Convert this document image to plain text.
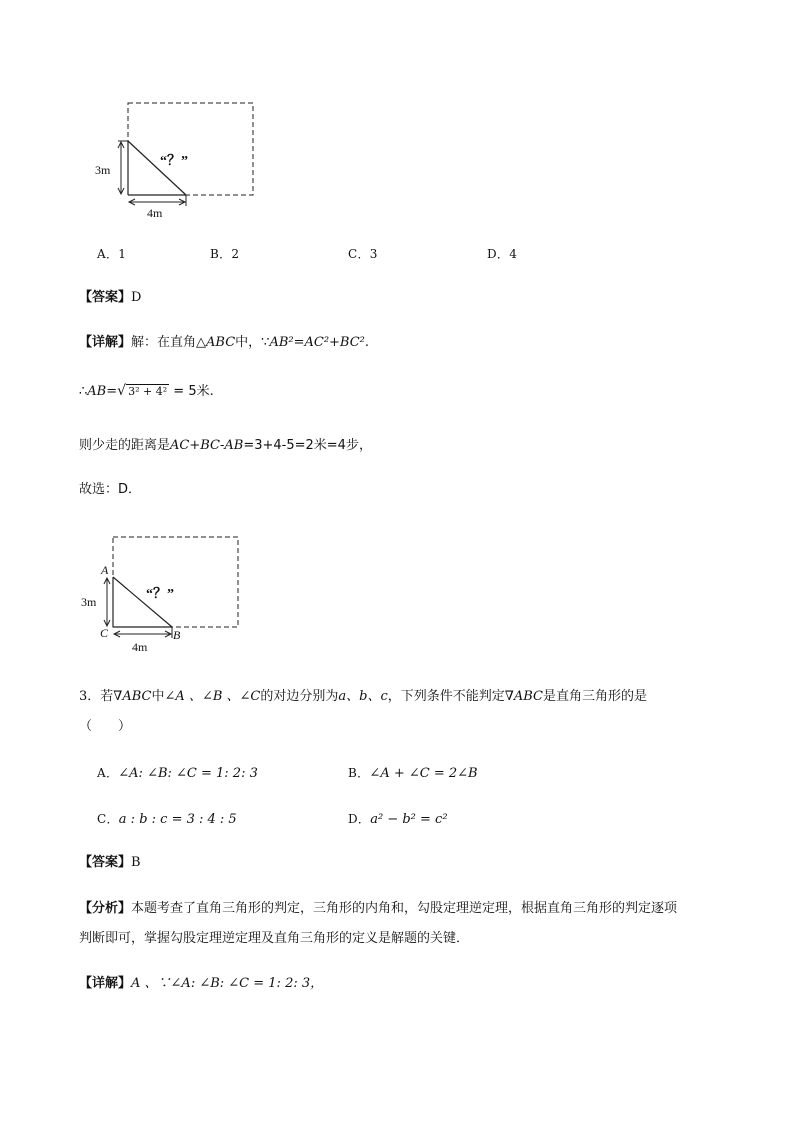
3m
4m
“？”
A．1	B．2	C．3	D．4
【答案】D
【详解】解：在直角△ABC中，∵AB²=AC²+BC².
∴AB= √ 3² + 4² = 5米.
则少走的距离是AC+BC-AB=3+4-5=2米=4步，
故选：D．
A
C	B
3m
4m
“？”
3．若∇ABC中∠A 、∠B 、∠C的对边分别为a、b、c，下列条件不能判定∇ABC是直角三角形的是
（　　）
A．∠A: ∠B: ∠C = 1: 2: 3	B．∠A + ∠C = 2∠B
C．a : b : c = 3 : 4 : 5	D．a² − b² = c²
【答案】B
【分析】本题考查了直角三角形的判定，三角形的内角和，勾股定理逆定理，根据直角三角形的判定逐项
判断即可，掌握勾股定理逆定理及直角三角形的定义是解题的关键．
【详解】A 、∵∠A: ∠B: ∠C = 1: 2: 3，
